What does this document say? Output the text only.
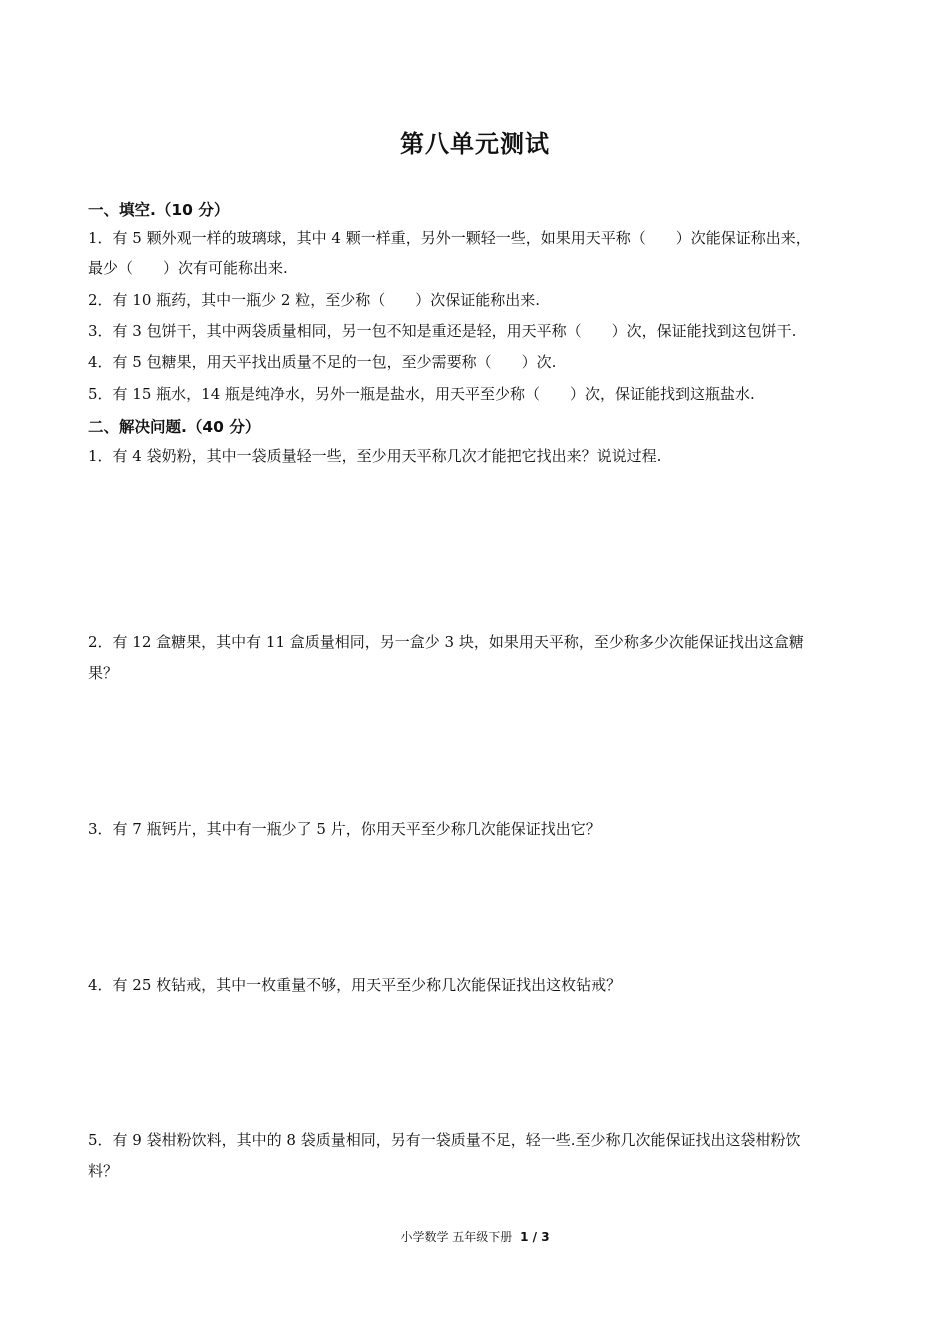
第八单元测试
一、填空.（10 分）
1．有 5 颗外观一样的玻璃球，其中 4 颗一样重，另外一颗轻一些，如果用天平称（　　）次能保证称出来，
最少（　　）次有可能称出来.
2．有 10 瓶药，其中一瓶少 2 粒，至少称（　　）次保证能称出来.
3．有 3 包饼干，其中两袋质量相同，另一包不知是重还是轻，用天平称（　　）次，保证能找到这包饼干.
4．有 5 包糖果，用天平找出质量不足的一包，至少需要称（　　）次.
5．有 15 瓶水，14 瓶是纯净水，另外一瓶是盐水，用天平至少称（　　）次，保证能找到这瓶盐水.
二、解决问题.（40 分）
1．有 4 袋奶粉，其中一袋质量轻一些，至少用天平称几次才能把它找出来？说说过程.
2．有 12 盒糖果，其中有 11 盒质量相同，另一盒少 3 块，如果用天平称，至少称多少次能保证找出这盒糖
果？
3．有 7 瓶钙片，其中有一瓶少了 5 片，你用天平至少称几次能保证找出它？
4．有 25 枚钻戒，其中一枚重量不够，用天平至少称几次能保证找出这枚钻戒？
5．有 9 袋柑粉饮料，其中的 8 袋质量相同，另有一袋质量不足，轻一些.至少称几次能保证找出这袋柑粉饮
料？
小学数学 五年级下册 1 / 3
